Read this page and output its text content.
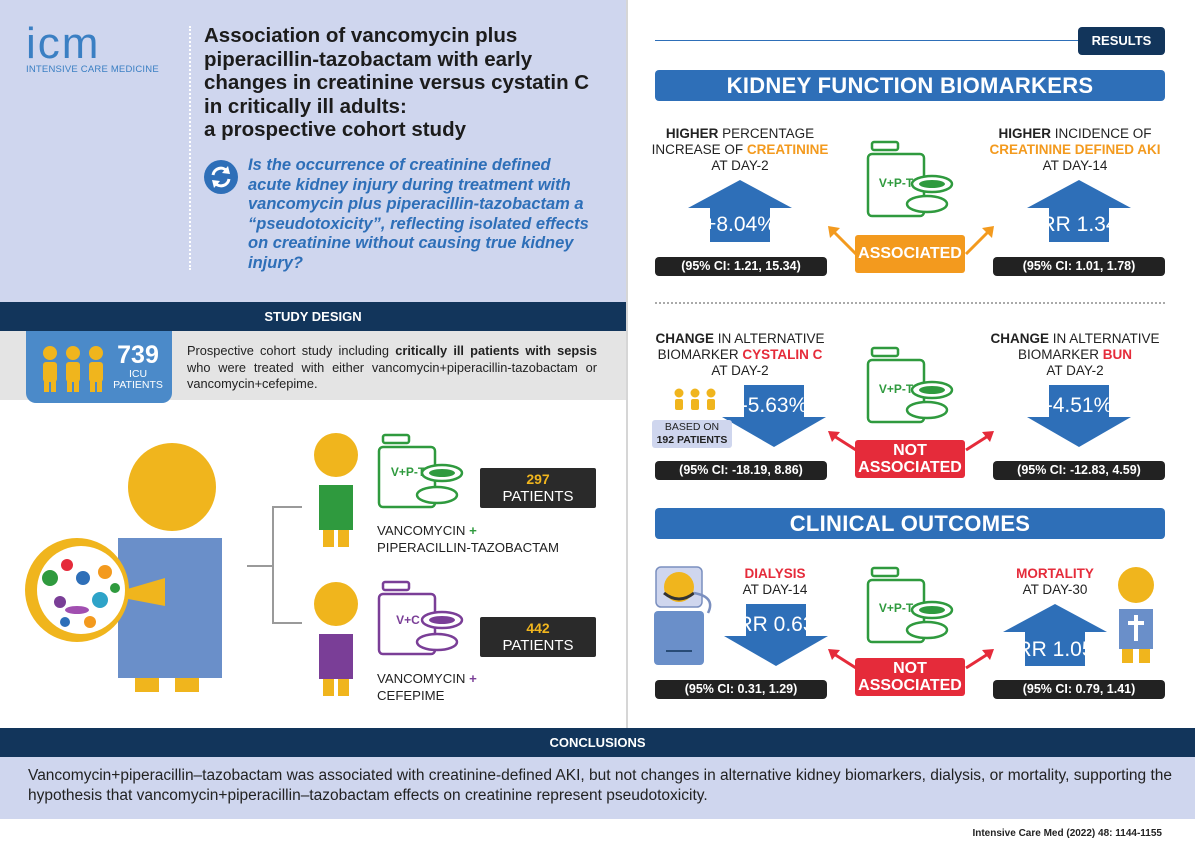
icm
INTENSIVE CARE MEDICINE
Association of vancomycin plus
piperacillin-tazobactam with early
changes in creatinine versus cystatin C
in critically ill adults:
a prospective cohort study
Is the occurrence of creatinine defined
acute kidney injury during treatment with
vancomycin plus piperacillin-tazobactam a
“pseudotoxicity”, reflecting isolated effects
on creatinine without causing true kidney
injury?
STUDY DESIGN
739
ICU
PATIENTS
Prospective cohort study including critically ill patients with sepsis who were treated with either vancomycin+piperacillin-tazobactam or vancomycin+cefepime.
V+P-T	297
PATIENTS
VANCOMYCIN +
PIPERACILLIN-TAZOBACTAM
V+C	442
PATIENTS
VANCOMYCIN +
CEFEPIME
RESULTS
KIDNEY FUNCTION BIOMARKERS
HIGHER PERCENTAGE
INCREASE OF CREATININE
AT DAY-2
+8.04%
(95% CI: 1.21, 15.34)
HIGHER INCIDENCE OF
CREATININE DEFINED AKI
AT DAY-14
RR 1.34
(95% CI: 1.01, 1.78)
V+P-T
ASSOCIATED
CHANGE IN ALTERNATIVE
BIOMARKER CYSTALIN C
AT DAY-2
-5.63%
BASED ON
192 PATIENTS
(95% CI: -18.19, 8.86)
CHANGE IN ALTERNATIVE
BIOMARKER BUN
AT DAY-2
-4.51%
(95% CI: -12.83, 4.59)
V+P-T
NOT
ASSOCIATED
CLINICAL OUTCOMES
DIALYSIS
AT DAY-14
RR 0.63
(95% CI: 0.31, 1.29)
MORTALITY
AT DAY-30
RR 1.05
(95% CI: 0.79, 1.41)
V+P-T
NOT
ASSOCIATED
CONCLUSIONS
Vancomycin+piperacillin–tazobactam was associated with creatinine-defined AKI, but not changes in alternative kidney biomarkers, dialysis, or mortality, supporting the hypothesis that vancomycin+piperacillin–tazobactam effects on creatinine represent pseudotoxicity.
Intensive Care Med (2022) 48: 1144-1155
